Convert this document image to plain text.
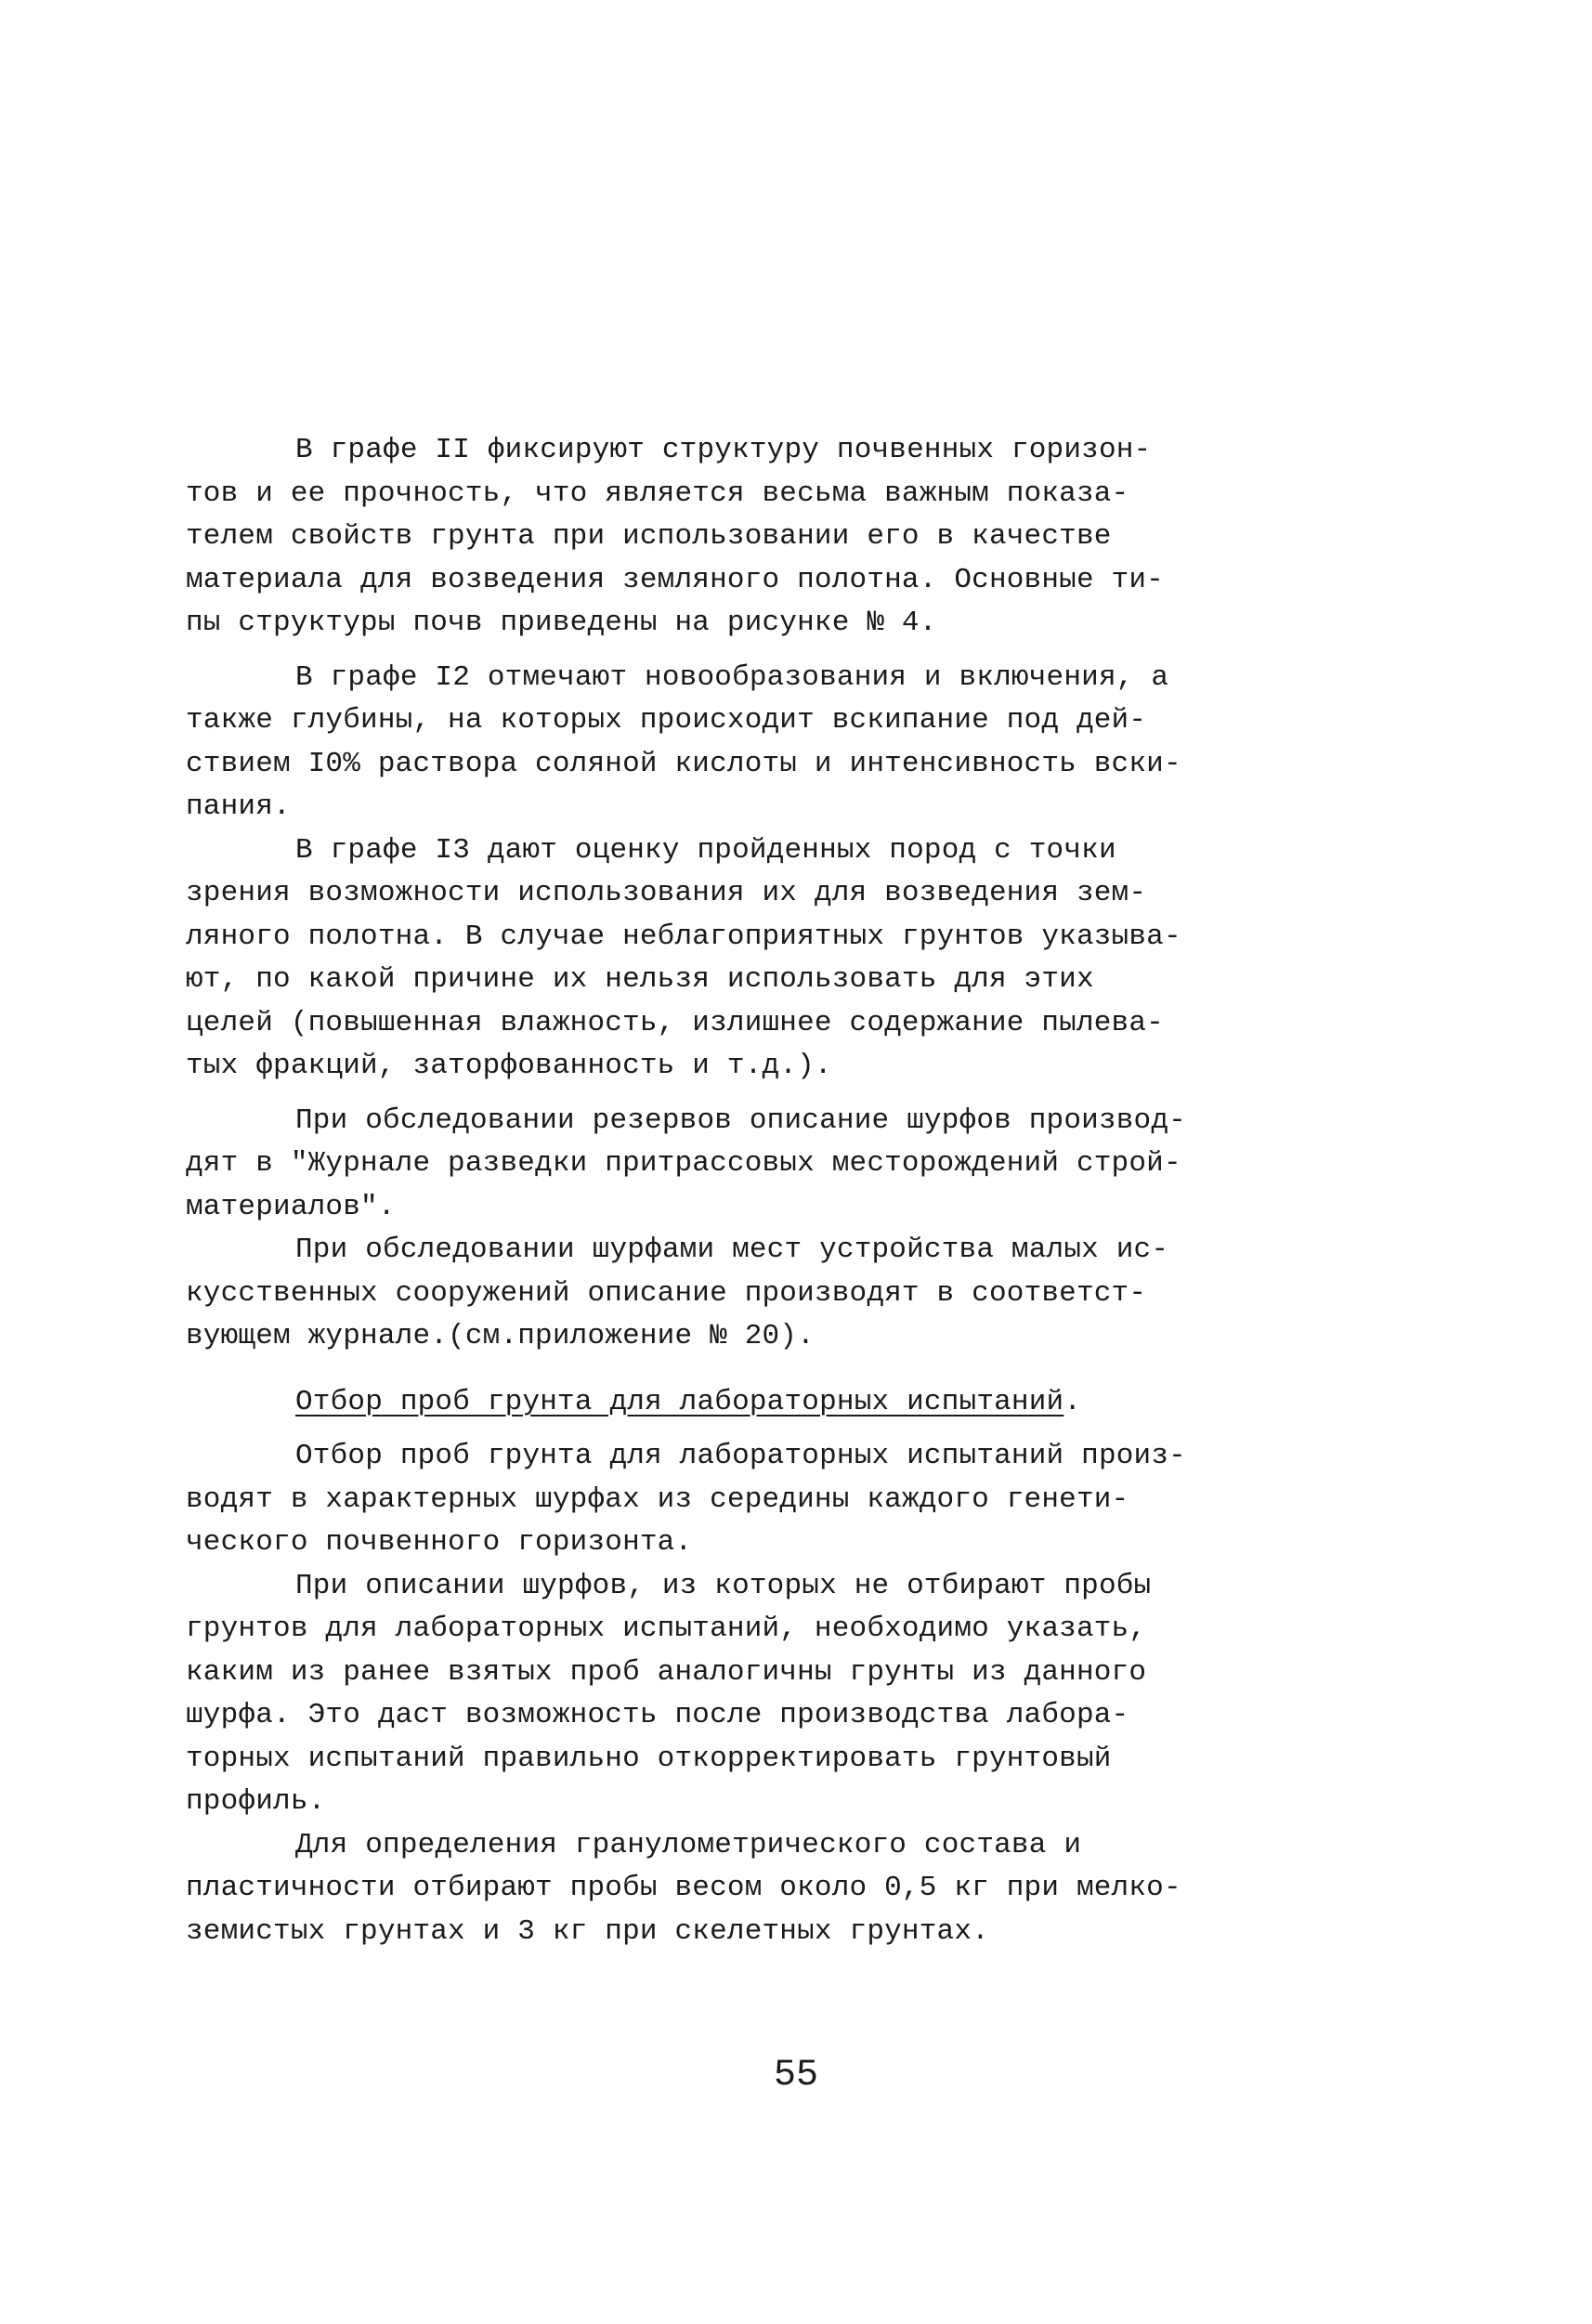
В графе II фиксируют структуру почвенных горизон-
тов и ее прочность, что является весьма важным показа-
телем свойств грунта при использовании его в качестве
материала для возведения земляного полотна. Основные ти-
пы структуры почв приведены на рисунке № 4.
В графе I2 отмечают новообразования и включения, а
также глубины, на которых происходит вскипание под дей-
ствием I0% раствора соляной кислоты и интенсивность вски-
пания.
В графе I3 дают оценку пройденных пород с точки
зрения возможности использования их для возведения зем-
ляного полотна. В случае неблагоприятных грунтов указыва-
ют, по какой причине их нельзя использовать для этих
целей (повышенная влажность, излишнее содержание пылева-
тых фракций, заторфованность и т.д.).
При обследовании резервов описание шурфов производ-
дят в "Журнале разведки притрассовых месторождений строй-
материалов".
При обследовании шурфами мест устройства малых ис-
кусственных сооружений описание производят в соответст-
вующем журнале.(см.приложение № 20).
Отбор проб грунта для лабораторных испытаний.
Отбор проб грунта для лабораторных испытаний произ-
водят в характерных шурфах из середины каждого генети-
ческого почвенного горизонта.
При описании шурфов, из которых не отбирают пробы
грунтов для лабораторных испытаний, необходимо указать,
каким из ранее взятых проб аналогичны грунты из данного
шурфа. Это даст возможность после производства лабора-
торных испытаний правильно откорректировать грунтовый
профиль.
Для определения гранулометрического состава и
пластичности отбирают пробы весом около 0,5 кг при мелко-
земистых грунтах и 3 кг при скелетных грунтах.
55
